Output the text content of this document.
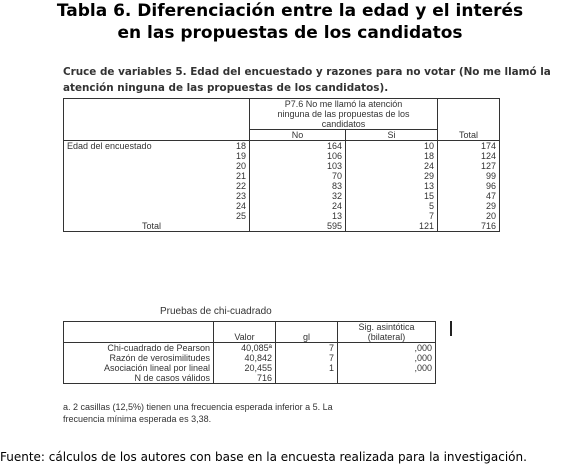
Tabla 6. Diferenciación entre la edad y el interés
en las propuestas de los candidatos
Cruce de variables 5. Edad del encuestado y razones para no votar (No me llamó la
atención ninguna de las propuestas de los candidatos).

		P7.6 No me llamó la atención
ninguna de las propuestas de los
candidatos		Total

		No	Si	
Edad del encuestado	18	164	10	174
	19	106	18	124
	20	103	24	127
	21	70	29	99
	22	83	13	96
	23	32	15	47
	24	24	5	29
	25	13	7	20
Total		595	121	716
Pruebas de chi-cuadrado
	Valor	gl	Sig. asintótica
			(bilateral)
Chi-cuadrado de Pearson	40,085ª	7	,000
Razón de verosimilitudes	40,842	7	,000
Asociación lineal por lineal	20,455	1	,000
N de casos válidos	716		
a. 2 casillas (12,5%) tienen una frecuencia esperada inferior a 5. La
frecuencia mínima esperada es 3,38.
Fuente: cálculos de los autores con base en la encuesta realizada para la investigación.
